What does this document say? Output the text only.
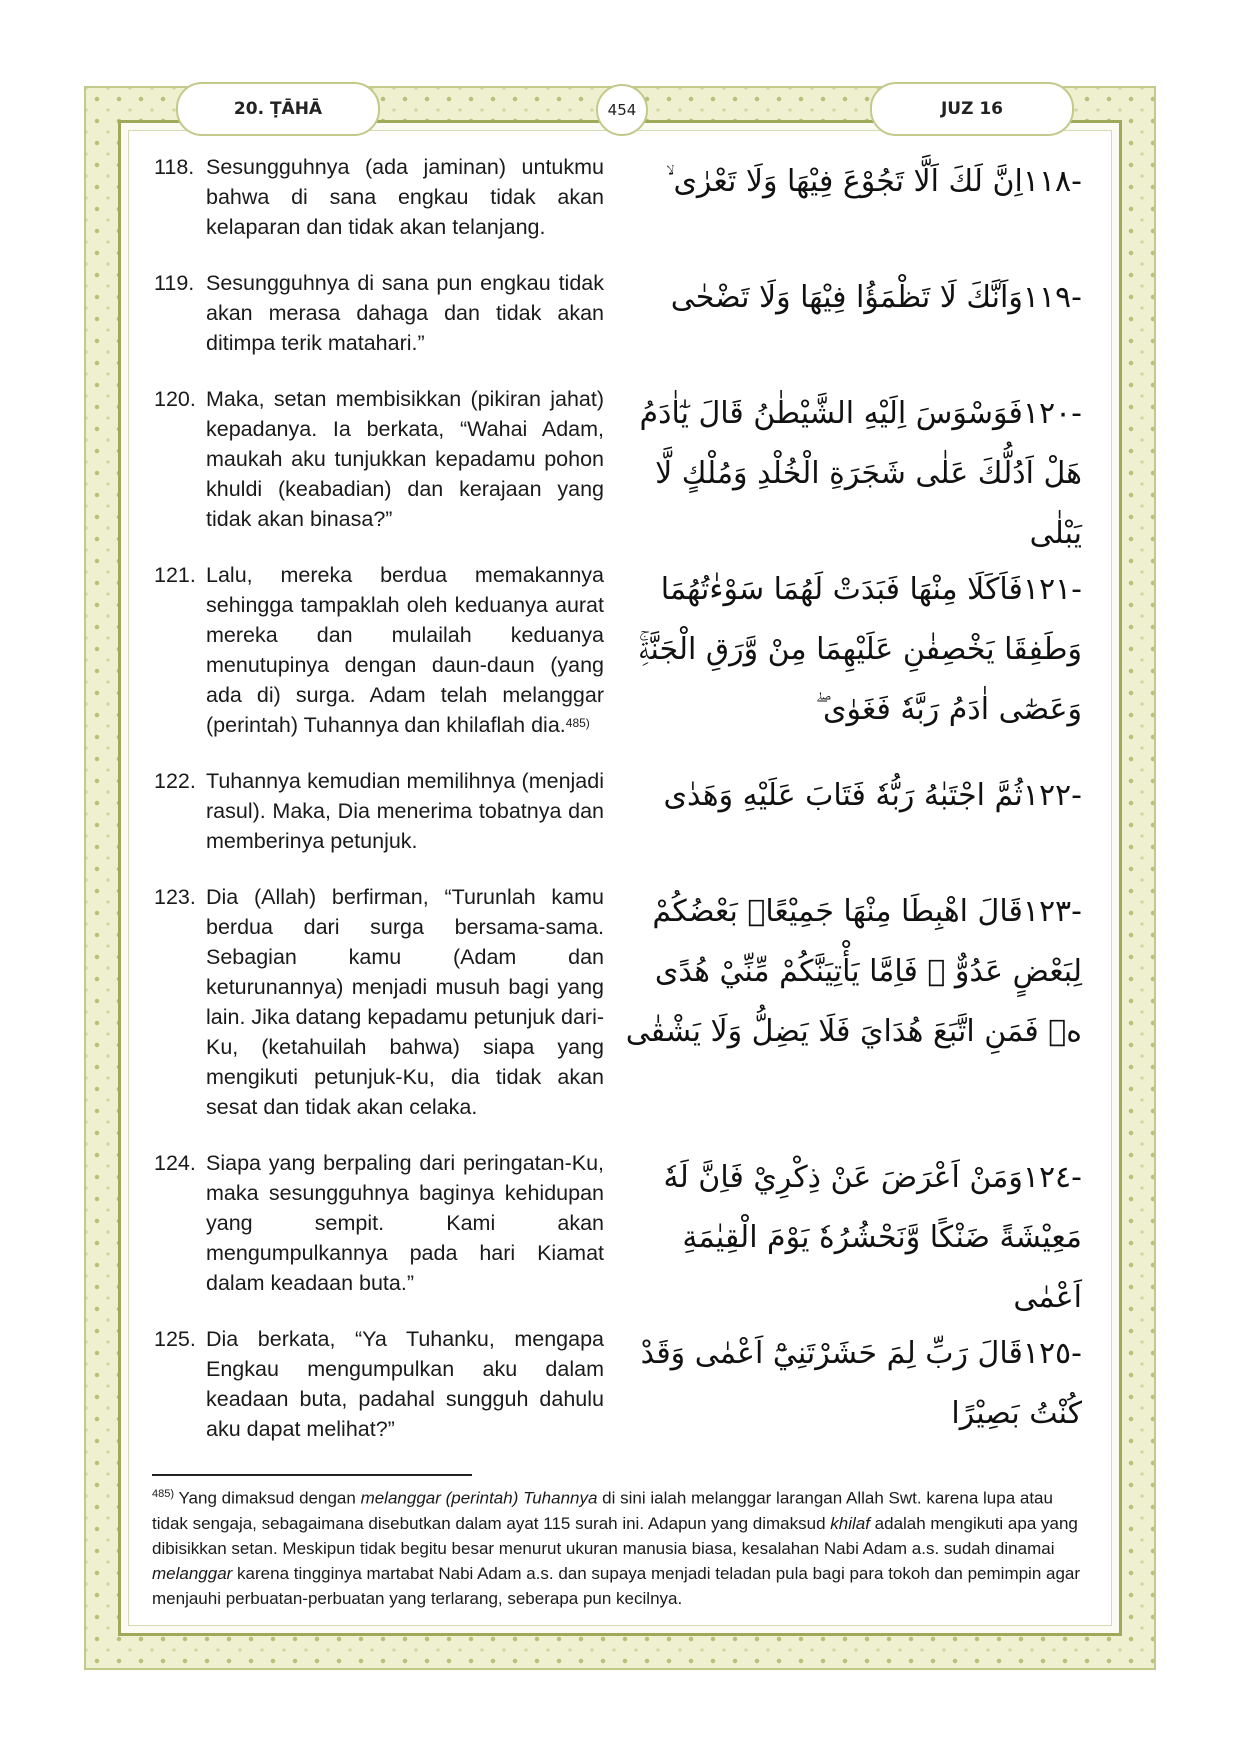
20. ṬĀHĀ	454	JUZ 16
118. Sesungguhnya (ada jaminan) untukmu bahwa di sana engkau tidak akan kelaparan dan tidak akan telanjang.
-١١٨اِنَّ لَكَ اَلَّا تَجُوْعَ فِيْهَا وَلَا تَعْرٰى ۙ
119. Sesungguhnya di sana pun engkau tidak akan merasa dahaga dan tidak akan ditimpa terik matahari.”
-١١٩وَاَنَّكَ لَا تَظْمَؤُا فِيْهَا وَلَا تَضْحٰى
120. Maka, setan membisikkan (pikiran jahat) kepadanya. Ia berkata, “Wahai Adam, maukah aku tunjukkan kepadamu pohon khuldi (keabadian) dan kerajaan yang tidak akan binasa?”
-١٢٠فَوَسْوَسَ اِلَيْهِ الشَّيْطٰنُ قَالَ يٰٓاٰدَمُ هَلْ اَدُلُّكَ عَلٰى شَجَرَةِ الْخُلْدِ وَمُلْكٍ لَّا يَبْلٰى
121. Lalu, mereka berdua memakannya sehingga tampaklah oleh keduanya aurat mereka dan mulailah keduanya menutupinya dengan daun-daun (yang ada di) surga. Adam telah melanggar (perintah) Tuhannya dan khilaflah dia.$^{485)}$
-١٢١فَاَكَلَا مِنْهَا فَبَدَتْ لَهُمَا سَوْءٰتُهُمَا وَطَفِقَا يَخْصِفٰنِ عَلَيْهِمَا مِنْ وَّرَقِ الْجَنَّةِۚ وَعَصٰٓى اٰدَمُ رَبَّهٗ فَغَوٰى ۖ
122. Tuhannya kemudian memilihnya (menjadi rasul). Maka, Dia menerima tobatnya dan memberinya petunjuk.
-١٢٢ثُمَّ اجْتَبٰهُ رَبُّهٗ فَتَابَ عَلَيْهِ وَهَدٰى
123. Dia (Allah) berfirman, “Turunlah kamu berdua dari surga bersama-sama. Sebagian kamu (Adam dan keturunannya) menjadi musuh bagi yang lain. Jika datang kepadamu petunjuk dari-Ku, (ketahuilah bahwa) siapa yang mengikuti petunjuk-Ku, dia tidak akan sesat dan tidak akan celaka.
-١٢٣قَالَ اهْبِطَا مِنْهَا جَمِيْعًاۢ بَعْضُكُمْ لِبَعْضٍ عَدُوٌّ ۚ فَاِمَّا يَأْتِيَنَّكُمْ مِّنِّيْ هُدًى ەۙ فَمَنِ اتَّبَعَ هُدَايَ فَلَا يَضِلُّ وَلَا يَشْقٰى
124. Siapa yang berpaling dari peringatan-Ku, maka sesungguhnya baginya kehidupan yang sempit. Kami akan mengumpulkannya pada hari Kiamat dalam keadaan buta.”
-١٢٤وَمَنْ اَعْرَضَ عَنْ ذِكْرِيْ فَاِنَّ لَهٗ مَعِيْشَةً ضَنْكًا وَّنَحْشُرُهٗ يَوْمَ الْقِيٰمَةِ اَعْمٰى
125. Dia berkata, “Ya Tuhanku, mengapa Engkau mengumpulkan aku dalam keadaan buta, padahal sungguh dahulu aku dapat melihat?”
-١٢٥قَالَ رَبِّ لِمَ حَشَرْتَنِيْٓ اَعْمٰى وَقَدْ كُنْتُ بَصِيْرًا
$^{485)}$ Yang dimaksud dengan melanggar (perintah) Tuhannya di sini ialah melanggar larangan Allah Swt. karena lupa atau tidak sengaja, sebagaimana disebutkan dalam ayat 115 surah ini. Adapun yang dimaksud khilaf adalah mengikuti apa yang dibisikkan setan. Meskipun tidak begitu besar menurut ukuran manusia biasa, kesalahan Nabi Adam a.s. sudah dinamai melanggar karena tingginya martabat Nabi Adam a.s. dan supaya menjadi teladan pula bagi para tokoh dan pemimpin agar menjauhi perbuatan-perbuatan yang terlarang, seberapa pun kecilnya.
